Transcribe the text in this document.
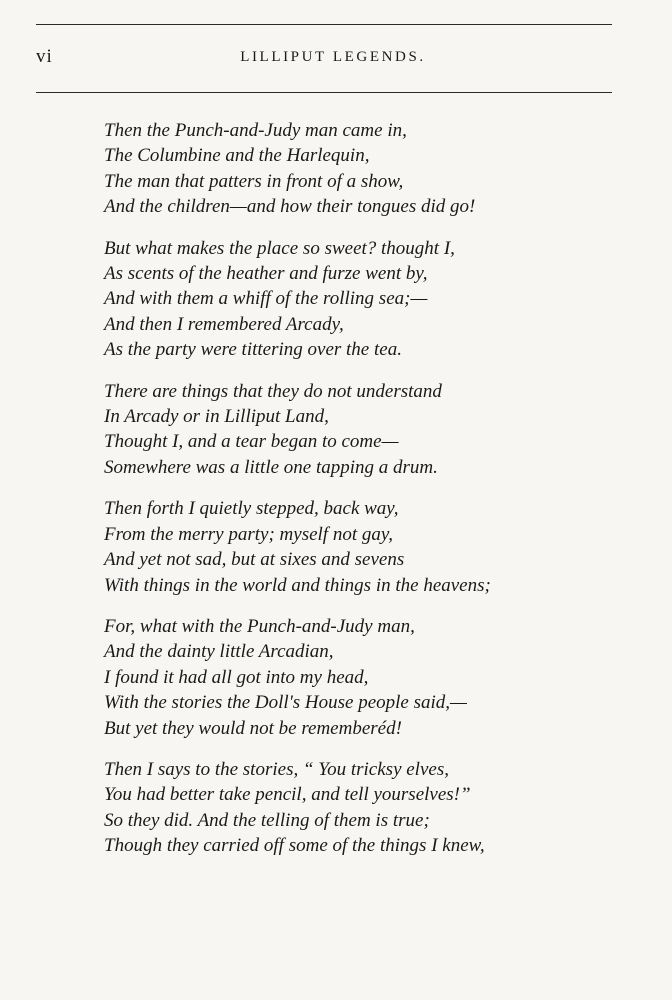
vi	LILLIPUT LEGENDS.
Then the Punch-and-Judy man came in,
The Columbine and the Harlequin,
The man that patters in front of a show,
And the children—and how their tongues did go!
But what makes the place so sweet? thought I,
As scents of the heather and furze went by,
And with them a whiff of the rolling sea;—
And then I remembered Arcady,
As the party were tittering over the tea.
There are things that they do not understand
In Arcady or in Lilliput Land,
Thought I, and a tear began to come—
Somewhere was a little one tapping a drum.
Then forth I quietly stepped, back way,
From the merry party; myself not gay,
And yet not sad, but at sixes and sevens
With things in the world and things in the heavens;
For, what with the Punch-and-Judy man,
And the dainty little Arcadian,
I found it had all got into my head,
With the stories the Doll's House people said,—
But yet they would not be rememberéd!
Then I says to the stories, “ You tricksy elves,
You had better take pencil, and tell yourselves!”
So they did. And the telling of them is true;
Though they carried off some of the things I knew,
